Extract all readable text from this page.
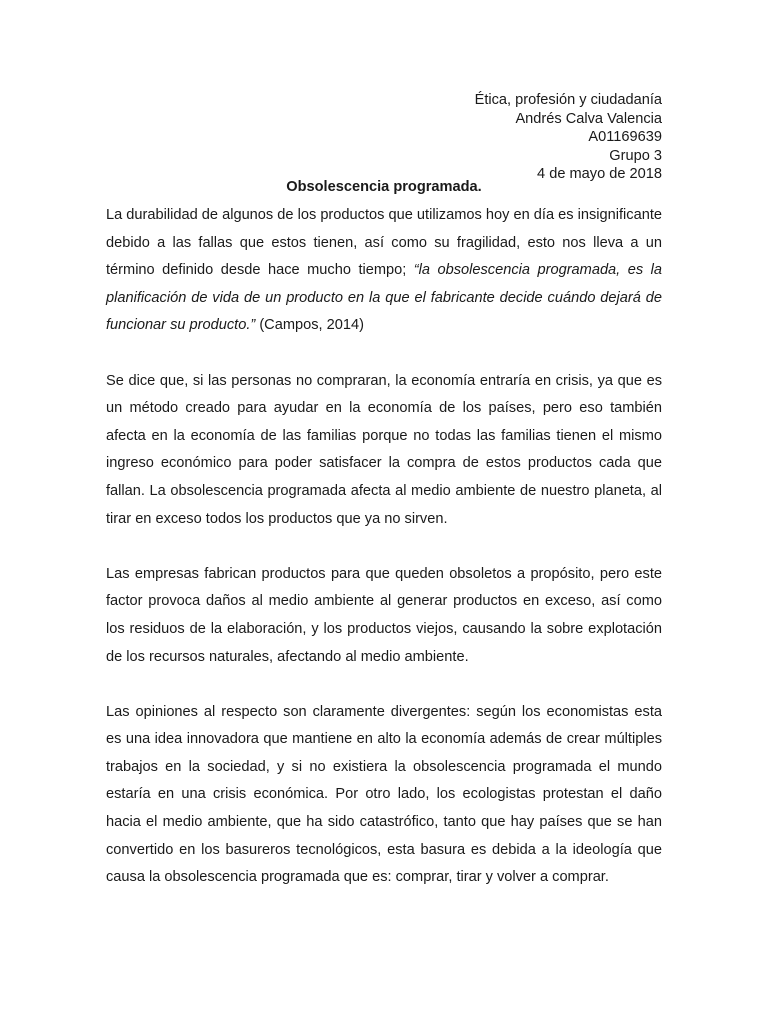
Ética, profesión y ciudadanía
Andrés Calva Valencia
A01169639
Grupo 3
4 de mayo de 2018
Obsolescencia programada.

La durabilidad de algunos de los productos que utilizamos hoy en día es insignificante debido a las fallas que estos tienen, así como su fragilidad, esto nos lleva a un término definido desde hace mucho tiempo; “la obsolescencia programada, es la planificación de vida de un producto en la que el fabricante decide cuándo dejará de funcionar su producto.” (Campos, 2014)

Se dice que, si las personas no compraran, la economía entraría en crisis, ya que es un método creado para ayudar en la economía de los países, pero eso también afecta en la economía de las familias porque no todas las familias tienen el mismo ingreso económico para poder satisfacer la compra de estos productos cada que fallan. La obsolescencia programada afecta al medio ambiente de nuestro planeta, al tirar en exceso todos los productos que ya no sirven.

Las empresas fabrican productos para que queden obsoletos a propósito, pero este factor provoca daños al medio ambiente al generar productos en exceso, así como los residuos de la elaboración, y los productos viejos, causando la sobre explotación de los recursos naturales, afectando al medio ambiente.

Las opiniones al respecto son claramente divergentes: según los economistas esta es una idea innovadora que mantiene en alto la economía además de crear múltiples trabajos en la sociedad, y si no existiera la obsolescencia programada el mundo estaría en una crisis económica. Por otro lado, los ecologistas protestan el daño hacia el medio ambiente, que ha sido catastrófico, tanto que hay países que se han convertido en los basureros tecnológicos, esta basura es debida a la ideología que causa la obsolescencia programada que es: comprar, tirar y volver a comprar.
